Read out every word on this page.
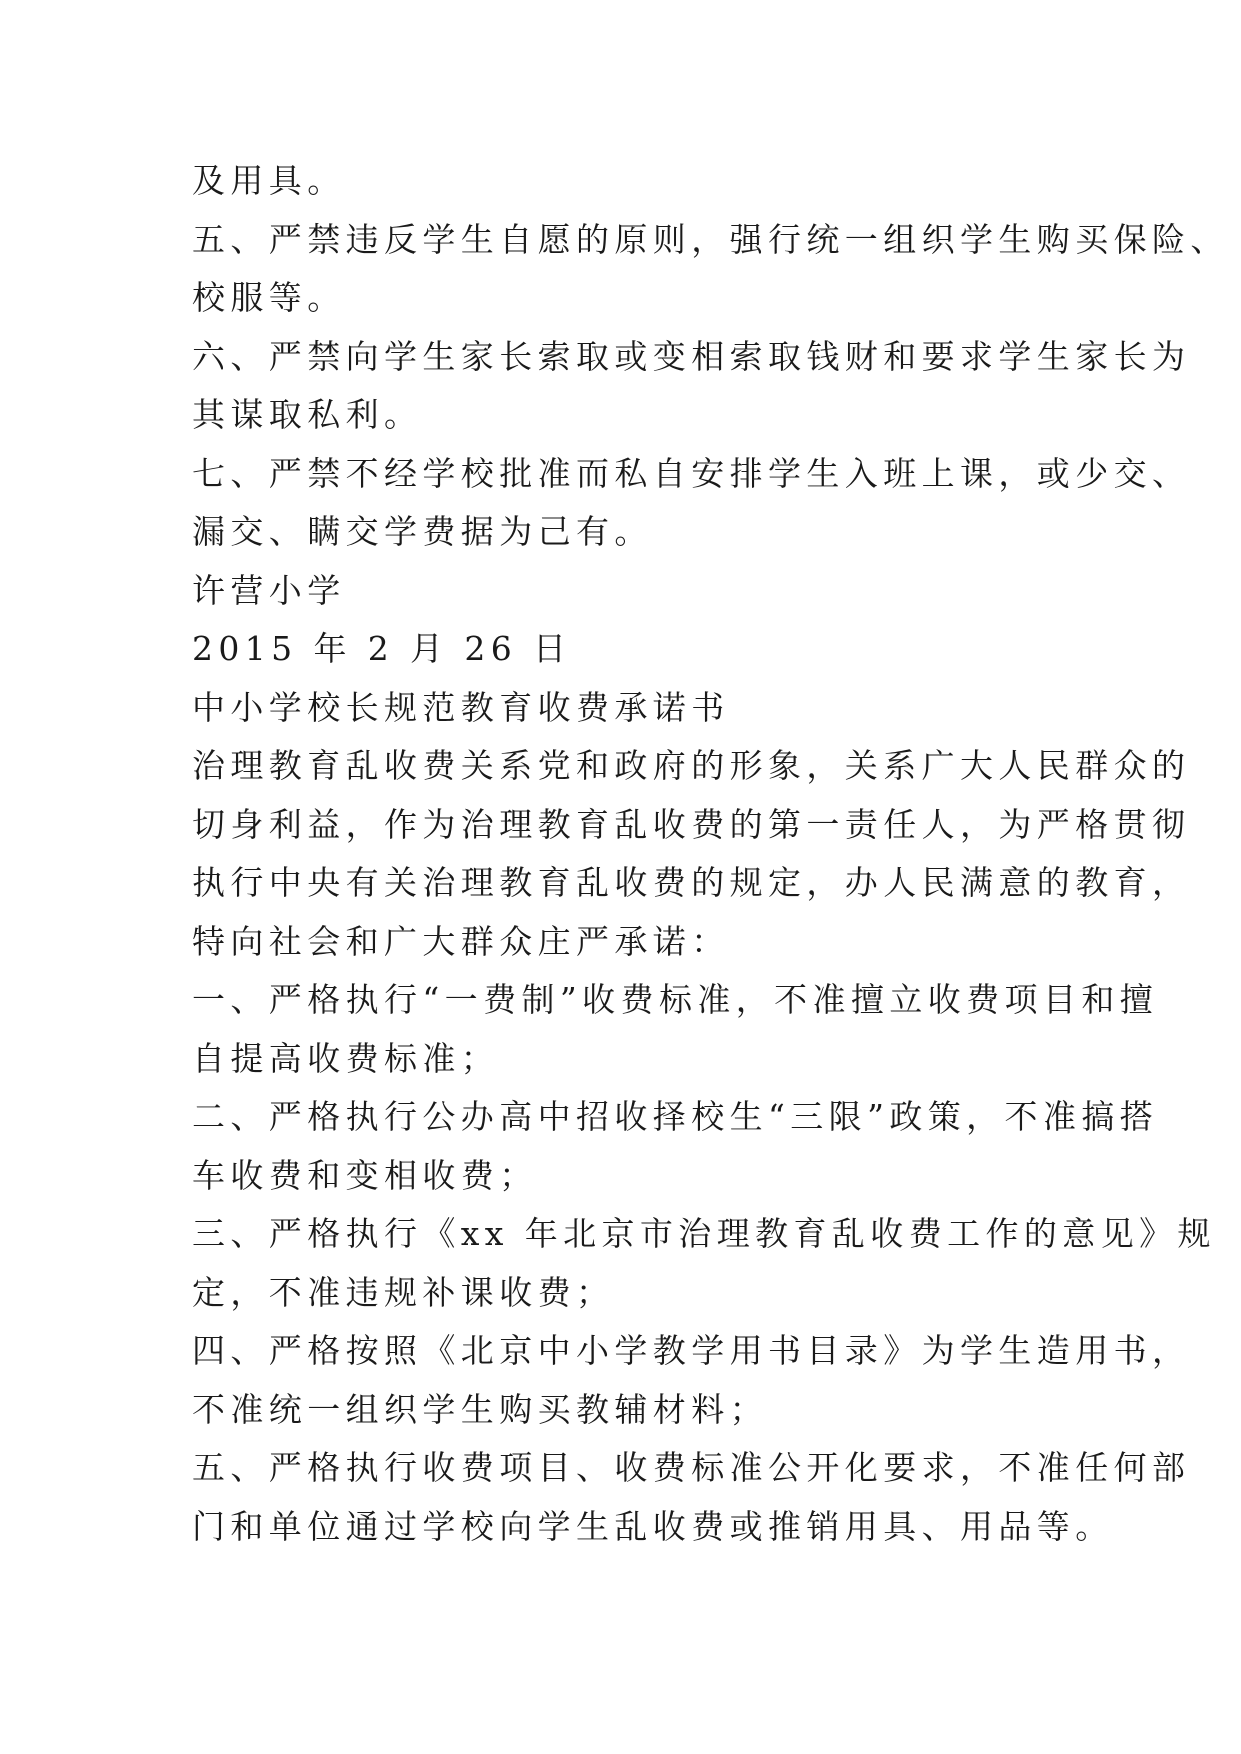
及用具。
五、严禁违反学生自愿的原则，强行统一组织学生购买保险、
校服等。
六、严禁向学生家长索取或变相索取钱财和要求学生家长为
其谋取私利。
七、严禁不经学校批准而私自安排学生入班上课，或少交、
漏交、瞒交学费据为己有。
许营小学
2015 年 2 月 26 日
中小学校长规范教育收费承诺书
治理教育乱收费关系党和政府的形象，关系广大人民群众的
切身利益，作为治理教育乱收费的第一责任人，为严格贯彻
执行中央有关治理教育乱收费的规定，办人民满意的教育，
特向社会和广大群众庄严承诺：
一、严格执行“一费制”收费标准，不准擅立收费项目和擅
自提高收费标准；
二、严格执行公办高中招收择校生“三限”政策，不准搞搭
车收费和变相收费；
三、严格执行《xx 年北京市治理教育乱收费工作的意见》规
定，不准违规补课收费；
四、严格按照《北京中小学教学用书目录》为学生造用书，
不准统一组织学生购买教辅材料；
五、严格执行收费项目、收费标准公开化要求，不准任何部
门和单位通过学校向学生乱收费或推销用具、用品等。
